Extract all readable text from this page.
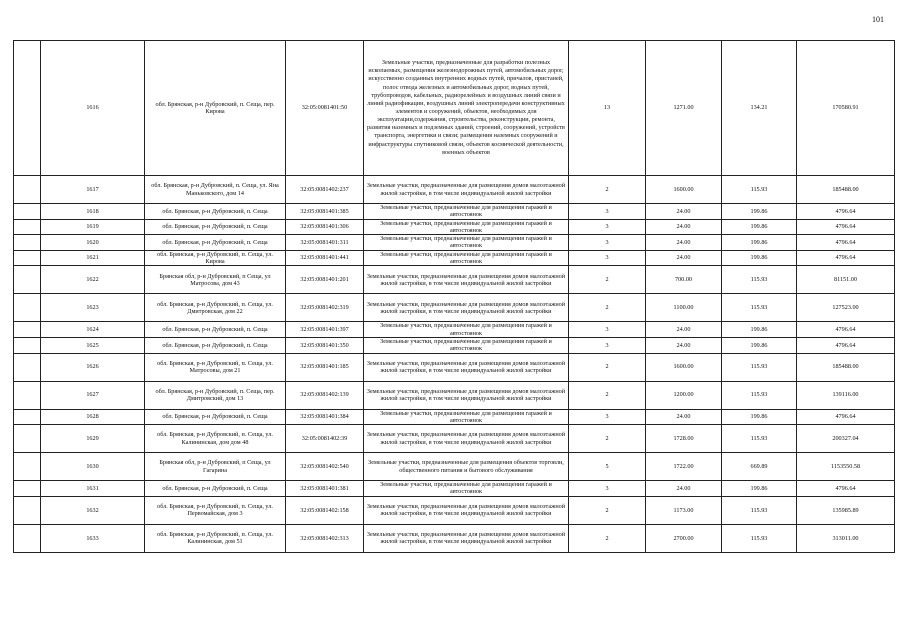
101
	1616	обл. Брянская, р-н Дубровский, п. Сеща, пер. Кирова	32:05:0081401:50	Земельные участки, предназначенные для разработки полезных ископаемых, размещения железнодорожных путей, автомобильных дорог, искусственно созданных внутренних водных путей, причалов, пристаней, полос отвода железных и автомобильных дорог, водных путей, трубопроводов, кабельных, радиорелейных и воздушных линий связи и линий радиофикации, воздушных линий электропередачи конструктивных элементов и сооружений, объектов, необходимых для эксплуатации,содержания, строительства, реконструкции, ремонта, развития наземных и подземных зданий, строений, сооружений, устройств транспорта, энергетики и связи; размещения наземных сооружений и инфраструктуры спутниковой связи, объектов космической деятельности, военных объектов	13	1271.00	134.21	170580.91
	1617	обл. Брянская, р-н Дубровский, п. Сеща, ул. Яна Маньковского, дом 14	32:05:0081402:237	Земельные участки, предназначенные для размещения домов малоэтажной жилой застройки, в том числе индивидуальной жилой застройки	2	1600.00	115.93	185488.00
	1618	обл. Брянская, р-н Дубровский, п. Сеща	32:05:0081401:385	Земельные участки, предназначенные для размещения гаражей и автостоянок	3	24.00	199.86	4796.64
	1619	обл. Брянская, р-н Дубровский, п. Сеща	32:05:0081401:306	Земельные участки, предназначенные для размещения гаражей и автостоянок	3	24.00	199.86	4796.64
	1620	обл. Брянская, р-н Дубровский, п. Сеща	32:05:0081401:311	Земельные участки, предназначенные для размещения гаражей и автостоянок	3	24.00	199.86	4796.64
	1621	обл. Брянская, р-н Дубровский, п. Сеща, ул. Кирова	32:05:0081401:441	Земельные участки, предназначенные для размещения гаражей и автостоянок	3	24.00	199.86	4796.64
	1622	Брянская обл, р-н Дубровский, п Сеща, ул Матросова, дом 43	32:05:0081401:201	Земельные участки, предназначенные для размещения домов малоэтажной жилой застройки, в том числе индивидуальной жилой застройки	2	700.00	115.93	81151.00
	1623	обл. Брянская, р-н Дубровский, п. Сеща, ул. Дмитровская, дом 22	32:05:0081402:319	Земельные участки, предназначенные для размещения домов малоэтажной жилой застройки, в том числе индивидуальной жилой застройки	2	1100.00	115.93	127523.00
	1624	обл. Брянская, р-н Дубровский, п. Сеща	32:05:0081401:397	Земельные участки, предназначенные для размещения гаражей и автостоянок	3	24.00	199.86	4796.64
	1625	обл. Брянская, р-н Дубровский, п. Сеща	32:05:0081401:350	Земельные участки, предназначенные для размещения гаражей и автостоянок	3	24.00	199.86	4796.64
	1626	обл. Брянская, р-н Дубровский, п. Сеща, ул. Матросовы, дом 21	32:05:0081401:185	Земельные участки, предназначенные для размещения домов малоэтажной жилой застройки, в том числе индивидуальной жилой застройки	2	1600.00	115.93	185488.00
	1627	обл. Брянская, р-н Дубровский, п. Сеща, пер. Дмитровский, дом 13	32:05:0081402:139	Земельные участки, предназначенные для размещения домов малоэтажной жилой застройки, в том числе индивидуальной жилой застройки	2	1200.00	115.93	139116.00
	1628	обл. Брянская, р-н Дубровский, п. Сеща	32:05:0081401:384	Земельные участки, предназначенные для размещения гаражей и автостоянок	3	24.00	199.86	4796.64
	1629	обл. Брянская, р-н Дубровский, п. Сеща, ул. Калининская, дом дом 48	32:05:0081402:39	Земельные участки, предназначенные для размещения домов малоэтажной жилой застройки, в том числе индивидуальной жилой застройки	2	1728.00	115.93	200327.04
	1630	Брянская обл, р-н Дубровский, п Сеща, ул Гагарина	32:05:0081402:540	Земельные участки, предназначенные для размещения объектов торговли, общественного питания и бытового обслуживания	5	1722.00	669.89	1153550.58
	1631	обл. Брянская, р-н Дубровский, п. Сеща	32:05:0081401:381	Земельные участки, предназначенные для размещения гаражей и автостоянок	3	24.00	199.86	4796.64
	1632	обл. Брянская, р-н Дубровский, п. Сеща, ул. Первомайская, дом 3	32:05:0081402:158	Земельные участки, предназначенные для размещения домов малоэтажной жилой застройки, в том числе индивидуальной жилой застройки	2	1173.00	115.93	135985.89
	1633	обл. Брянская, р-н Дубровский, п. Сеща, ул. Калининская, дом 51	32:05:0081402:313	Земельные участки, предназначенные для размещения домов малоэтажной жилой застройки, в том числе индивидуальной жилой застройки	2	2700.00	115.93	313011.00
